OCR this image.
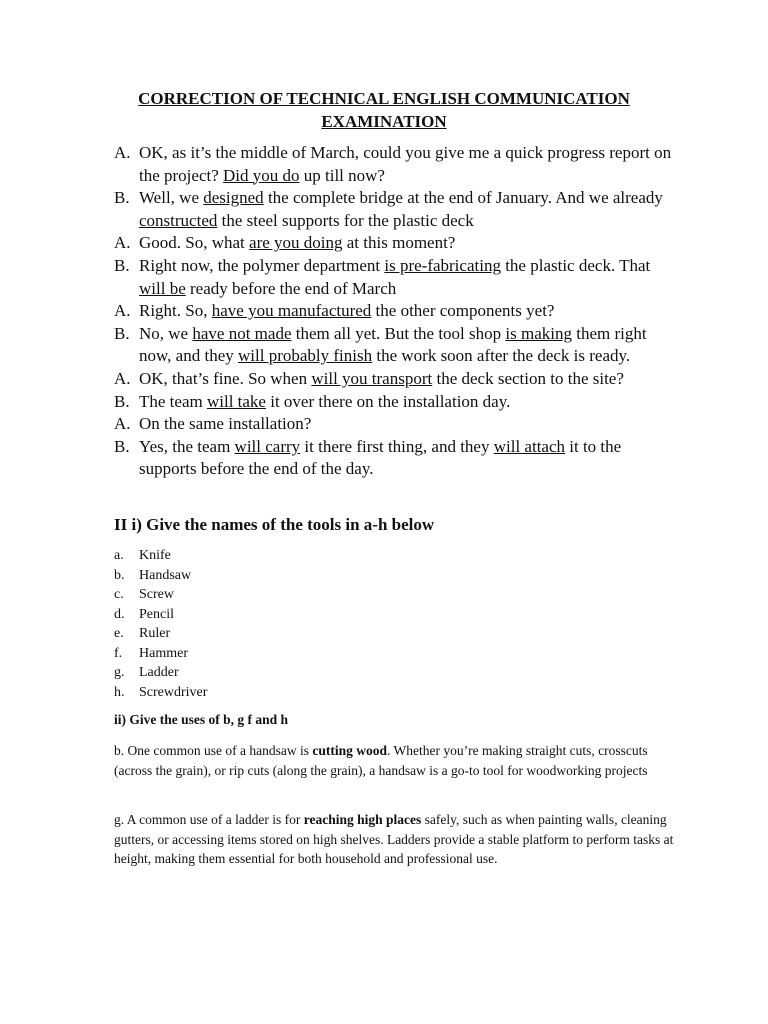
CORRECTION OF TECHNICAL ENGLISH COMMUNICATION
EXAMINATION
A. OK, as it’s the middle of March, could you give me a quick progress report on the project? Did you do up till now?
B. Well, we designed the complete bridge at the end of January. And we already constructed the steel supports for the plastic deck
A. Good. So, what are you doing at this moment?
B. Right now, the polymer department is pre-fabricating the plastic deck. That will be ready before the end of March
A. Right. So, have you manufactured the other components yet?
B. No, we have not made them all yet. But the tool shop is making them right now, and they will probably finish the work soon after the deck is ready.
A. OK, that’s fine. So when will you transport the deck section to the site?
B. The team will take it over there on the installation day.
A. On the same installation?
B. Yes, the team will carry it there first thing, and they will attach it to the supports before the end of the day.
II i) Give the names of the tools in a-h below
a. Knife
b. Handsaw
c. Screw
d. Pencil
e. Ruler
f. Hammer
g. Ladder
h. Screwdriver
ii) Give the uses of b, g f and h
b. One common use of a handsaw is cutting wood. Whether you’re making straight cuts, crosscuts (across the grain), or rip cuts (along the grain), a handsaw is a go-to tool for woodworking projects
g. A common use of a ladder is for reaching high places safely, such as when painting walls, cleaning gutters, or accessing items stored on high shelves. Ladders provide a stable platform to perform tasks at height, making them essential for both household and professional use.
